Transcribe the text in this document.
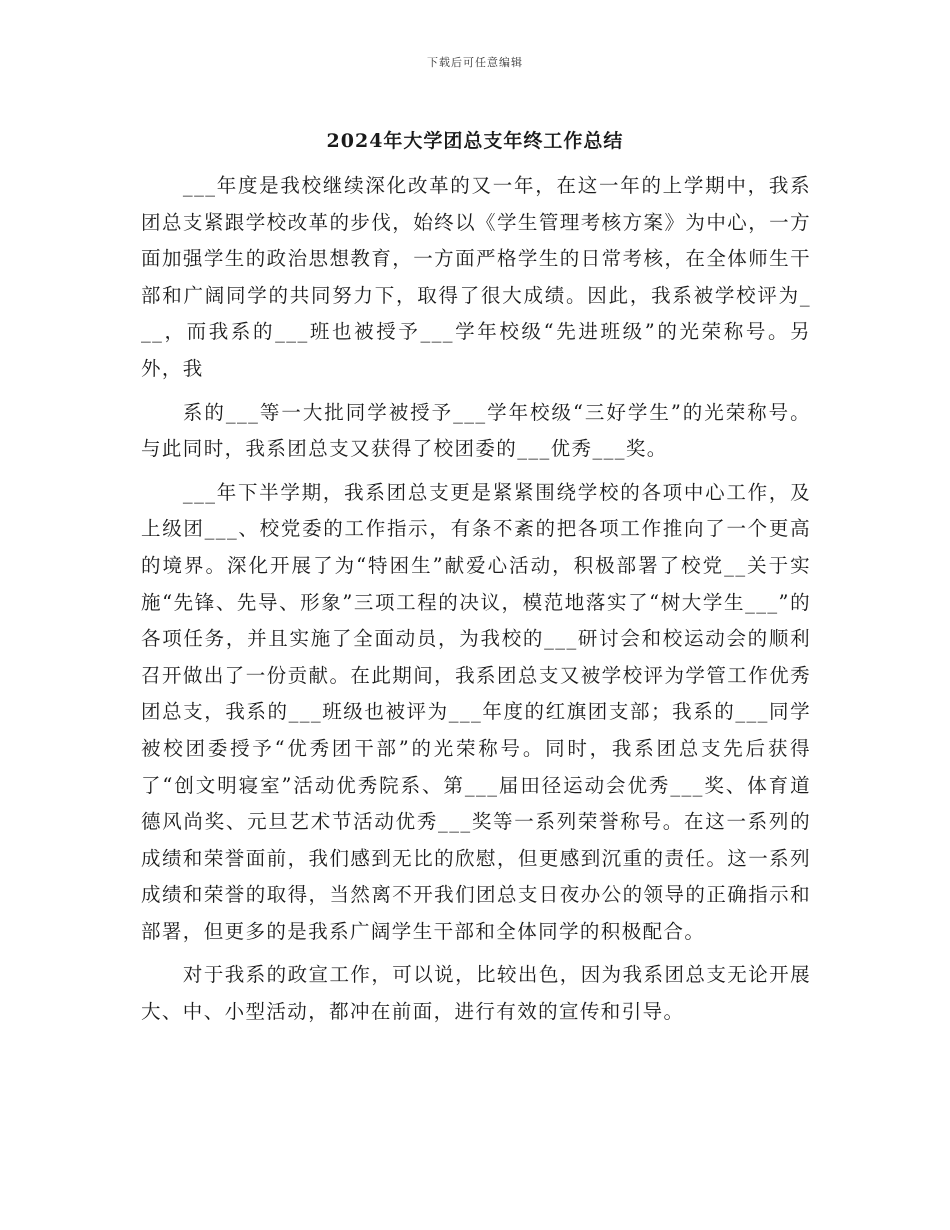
下载后可任意编辑
2024年大学团总支年终工作总结

___年度是我校继续深化改革的又一年，在这一年的上学期中，我系团总支紧跟学校改革的步伐，始终以《学生管理考核方案》为中心，一方面加强学生的政治思想教育，一方面严格学生的日常考核，在全体师生干部和广阔同学的共同努力下，取得了很大成绩。因此，我系被学校评为___，而我系的___班也被授予___学年校级“先进班级”的光荣称号。另外，我

系的___等一大批同学被授予___学年校级“三好学生”的光荣称号。与此同时，我系团总支又获得了校团委的___优秀___奖。

___年下半学期，我系团总支更是紧紧围绕学校的各项中心工作，及上级团___、校党委的工作指示，有条不紊的把各项工作推向了一个更高的境界。深化开展了为“特困生”献爱心活动，积极部署了校党__关于实施“先锋、先导、形象”三项工程的决议，模范地落实了“树大学生___”的各项任务，并且实施了全面动员，为我校的___研讨会和校运动会的顺利召开做出了一份贡献。在此期间，我系团总支又被学校评为学管工作优秀团总支，我系的___班级也被评为___年度的红旗团支部；我系的___同学被校团委授予“优秀团干部”的光荣称号。同时，我系团总支先后获得了“创文明寝室”活动优秀院系、第___届田径运动会优秀___奖、体育道德风尚奖、元旦艺术节活动优秀___奖等一系列荣誉称号。在这一系列的成绩和荣誉面前，我们感到无比的欣慰，但更感到沉重的责任。这一系列成绩和荣誉的取得，当然离不开我们团总支日夜办公的领导的正确指示和部署，但更多的是我系广阔学生干部和全体同学的积极配合。

对于我系的政宣工作，可以说，比较出色，因为我系团总支无论开展大、中、小型活动，都冲在前面，进行有效的宣传和引导。
